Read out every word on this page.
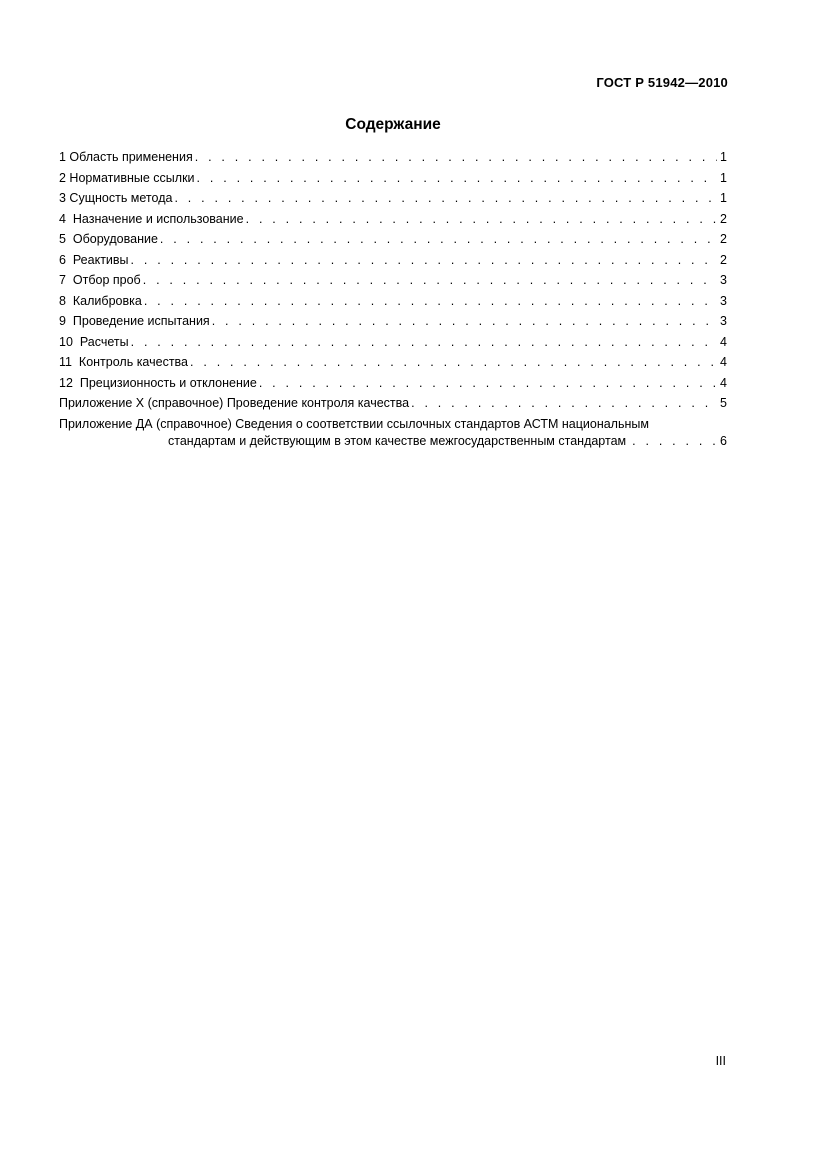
ГОСТ Р 51942—2010
Содержание
1 Область применения . . .	1
2 Нормативные ссылки . . .	1
3 Сущность метода . . .	1
4  Назначение и использование . . .	2
5  Оборудование . . .	2
6  Реактивы . . .	2
7  Отбор проб . . .	3
8  Калибровка . . .	3
9  Проведение испытания . . .	3
10  Расчеты . . .	4
11  Контроль качества . . .	4
12  Прецизионность и отклонение . . .	4
Приложение X (справочное) Проведение контроля качества . . .	5
Приложение ДА (справочное) Сведения о соответствии ссылочных стандартов АСТМ национальным
стандартам и действующим в этом качестве межгосударственным стандартам . . .	6
III
